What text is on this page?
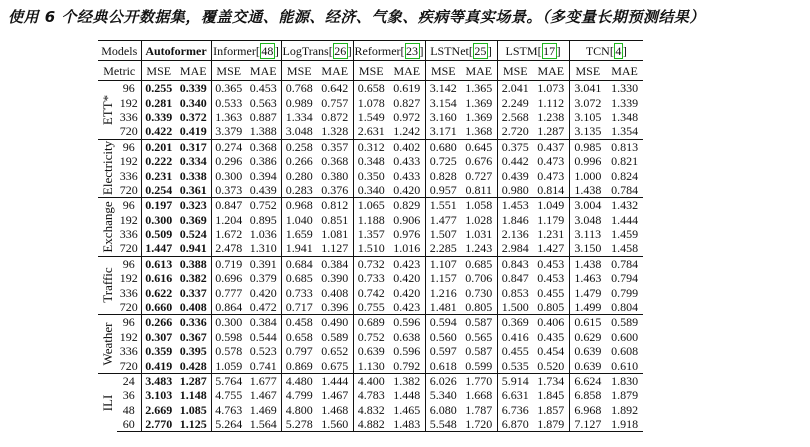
使用 6 个经典公开数据集，覆盖交通、能源、经济、气象、疾病等真实场景。（多变量长期预测结果）
Models		Autoformer		Informer[ 48 ]		LogTrans[ 26 ]		Reformer[ 23 ]		LSTNet[ 25 ]		LSTM[ 17 ]		TCN[ 4 ]	
Metric		MSE	MAE	MSE	MAE	MSE	MAE	MSE	MAE	MSE	MAE	MSE	MAE	MSE	MAE

ETT*	96	0.255	0.339	0.365	0.453	0.768	0.642	0.658	0.619	3.142	1.365	2.041	1.073	3.041	1.330
	192	0.281	0.340	0.533	0.563	0.989	0.757	1.078	0.827	3.154	1.369	2.249	1.112	3.072	1.339
	336	0.339	0.372	1.363	0.887	1.334	0.872	1.549	0.972	3.160	1.369	2.568	1.238	3.105	1.348
	720	0.422	0.419	3.379	1.388	3.048	1.328	2.631	1.242	3.171	1.368	2.720	1.287	3.135	1.354

Electricity	96	0.201	0.317	0.274	0.368	0.258	0.357	0.312	0.402	0.680	0.645	0.375	0.437	0.985	0.813
	192	0.222	0.334	0.296	0.386	0.266	0.368	0.348	0.433	0.725	0.676	0.442	0.473	0.996	0.821
	336	0.231	0.338	0.300	0.394	0.280	0.380	0.350	0.433	0.828	0.727	0.439	0.473	1.000	0.824
	720	0.254	0.361	0.373	0.439	0.283	0.376	0.340	0.420	0.957	0.811	0.980	0.814	1.438	0.784

Exchange	96	0.197	0.323	0.847	0.752	0.968	0.812	1.065	0.829	1.551	1.058	1.453	1.049	3.004	1.432
	192	0.300	0.369	1.204	0.895	1.040	0.851	1.188	0.906	1.477	1.028	1.846	1.179	3.048	1.444
	336	0.509	0.524	1.672	1.036	1.659	1.081	1.357	0.976	1.507	1.031	2.136	1.231	3.113	1.459
	720	1.447	0.941	2.478	1.310	1.941	1.127	1.510	1.016	2.285	1.243	2.984	1.427	3.150	1.458

Traffic	96	0.613	0.388	0.719	0.391	0.684	0.384	0.732	0.423	1.107	0.685	0.843	0.453	1.438	0.784
	192	0.616	0.382	0.696	0.379	0.685	0.390	0.733	0.420	1.157	0.706	0.847	0.453	1.463	0.794
	336	0.622	0.337	0.777	0.420	0.733	0.408	0.742	0.420	1.216	0.730	0.853	0.455	1.479	0.799
	720	0.660	0.408	0.864	0.472	0.717	0.396	0.755	0.423	1.481	0.805	1.500	0.805	1.499	0.804

Weather	96	0.266	0.336	0.300	0.384	0.458	0.490	0.689	0.596	0.594	0.587	0.369	0.406	0.615	0.589
	192	0.307	0.367	0.598	0.544	0.658	0.589	0.752	0.638	0.560	0.565	0.416	0.435	0.629	0.600
	336	0.359	0.395	0.578	0.523	0.797	0.652	0.639	0.596	0.597	0.587	0.455	0.454	0.639	0.608
	720	0.419	0.428	1.059	0.741	0.869	0.675	1.130	0.792	0.618	0.599	0.535	0.520	0.639	0.610

ILI	24	3.483	1.287	5.764	1.677	4.480	1.444	4.400	1.382	6.026	1.770	5.914	1.734	6.624	1.830
	36	3.103	1.148	4.755	1.467	4.799	1.467	4.783	1.448	5.340	1.668	6.631	1.845	6.858	1.879
	48	2.669	1.085	4.763	1.469	4.800	1.468	4.832	1.465	6.080	1.787	6.736	1.857	6.968	1.892
	60	2.770	1.125	5.264	1.564	5.278	1.560	4.882	1.483	5.548	1.720	6.870	1.879	7.127	1.918
